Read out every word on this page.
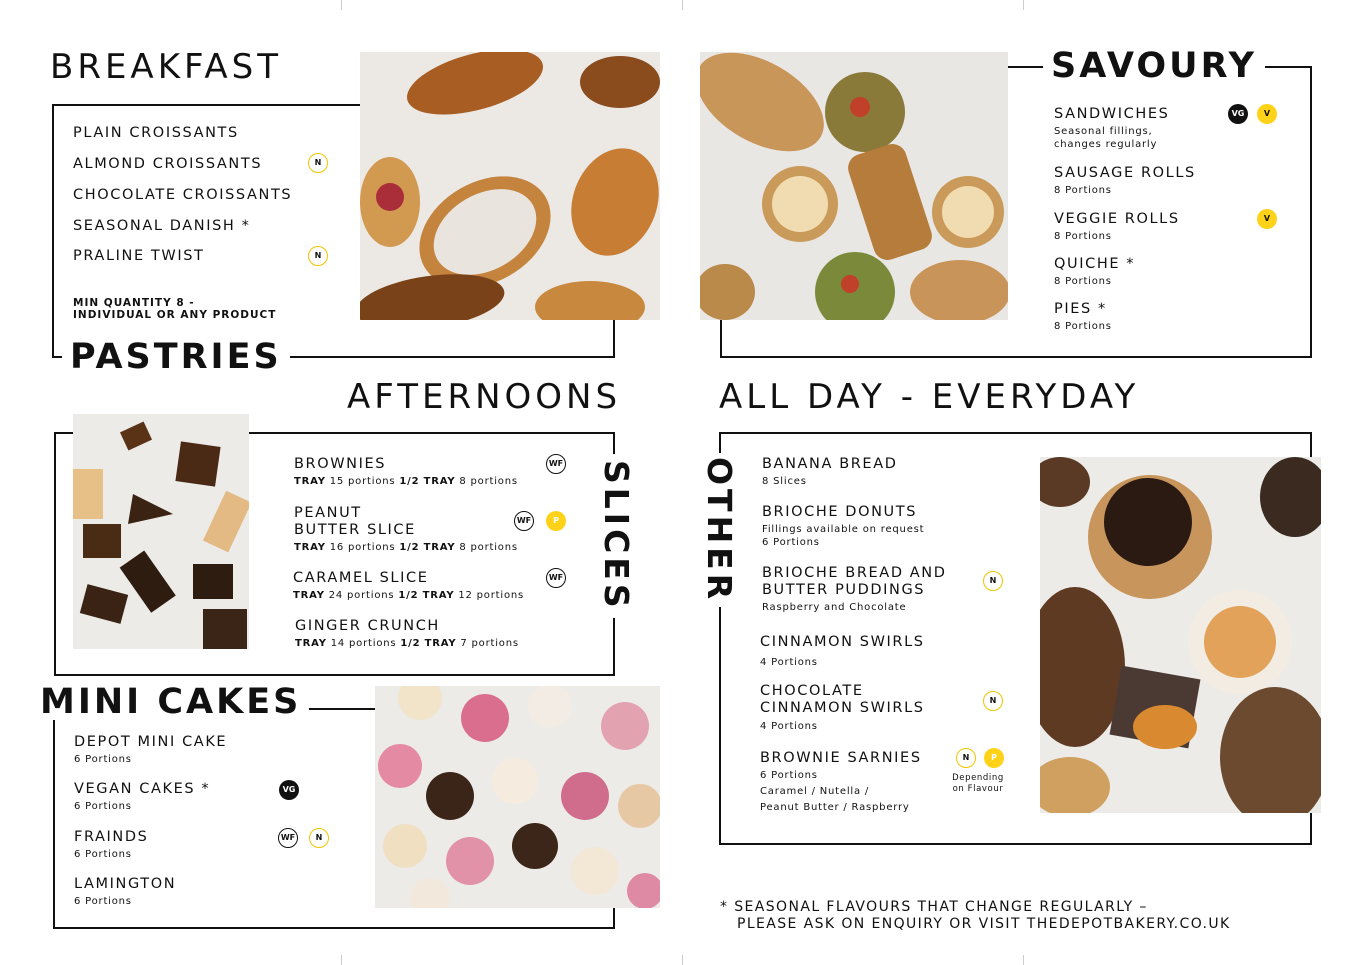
BREAKFAST
PASTRIES
PLAIN CROISSANTS
ALMOND CROISSANTS	N
CHOCOLATE CROISSANTS
SEASONAL DANISH *
PRALINE TWIST	N
MIN QUANTITY 8 -
INDIVIDUAL OR ANY PRODUCT
SAVOURY
SANDWICHES
Seasonal fillings,
changes regularly
VG	V
SAUSAGE ROLLS
8 Portions
VEGGIE ROLLS
8 Portions
V
QUICHE *
8 Portions
PIES *
8 Portions
AFTERNOONS
SLICES
BROWNIES
TRAY 15 portions 1/2 TRAY 8 portions
WF
PEANUT
BUTTER SLICE
TRAY 16 portions 1/2 TRAY 8 portions
WF	P
CARAMEL SLICE
TRAY 24 portions 1/2 TRAY 12 portions
WF
GINGER CRUNCH
TRAY 14 portions 1/2 TRAY 7 portions
MINI CAKES
DEPOT MINI CAKE
6 Portions
VEGAN CAKES *
6 Portions
VG
FRAINDS
6 Portions
WF	N
LAMINGTON
6 Portions
ALL DAY - EVERYDAY
OTHER BANANA BREAD
8 Slices
BRIOCHE DONUTS
Fillings available on request
6 Portions
BRIOCHE BREAD AND
BUTTER PUDDINGS
Raspberry and Chocolate
N
CINNAMON SWIRLS
4 Portions
CHOCOLATE
CINNAMON SWIRLS
4 Portions
N
BROWNIE SARNIES
6 Portions
Caramel / Nutella /
Peanut Butter / Raspberry
N	P
Depending
on Flavour
* SEASONAL FLAVOURS THAT CHANGE REGULARLY –
PLEASE ASK ON ENQUIRY OR VISIT THEDEPOTBAKERY.CO.UK
